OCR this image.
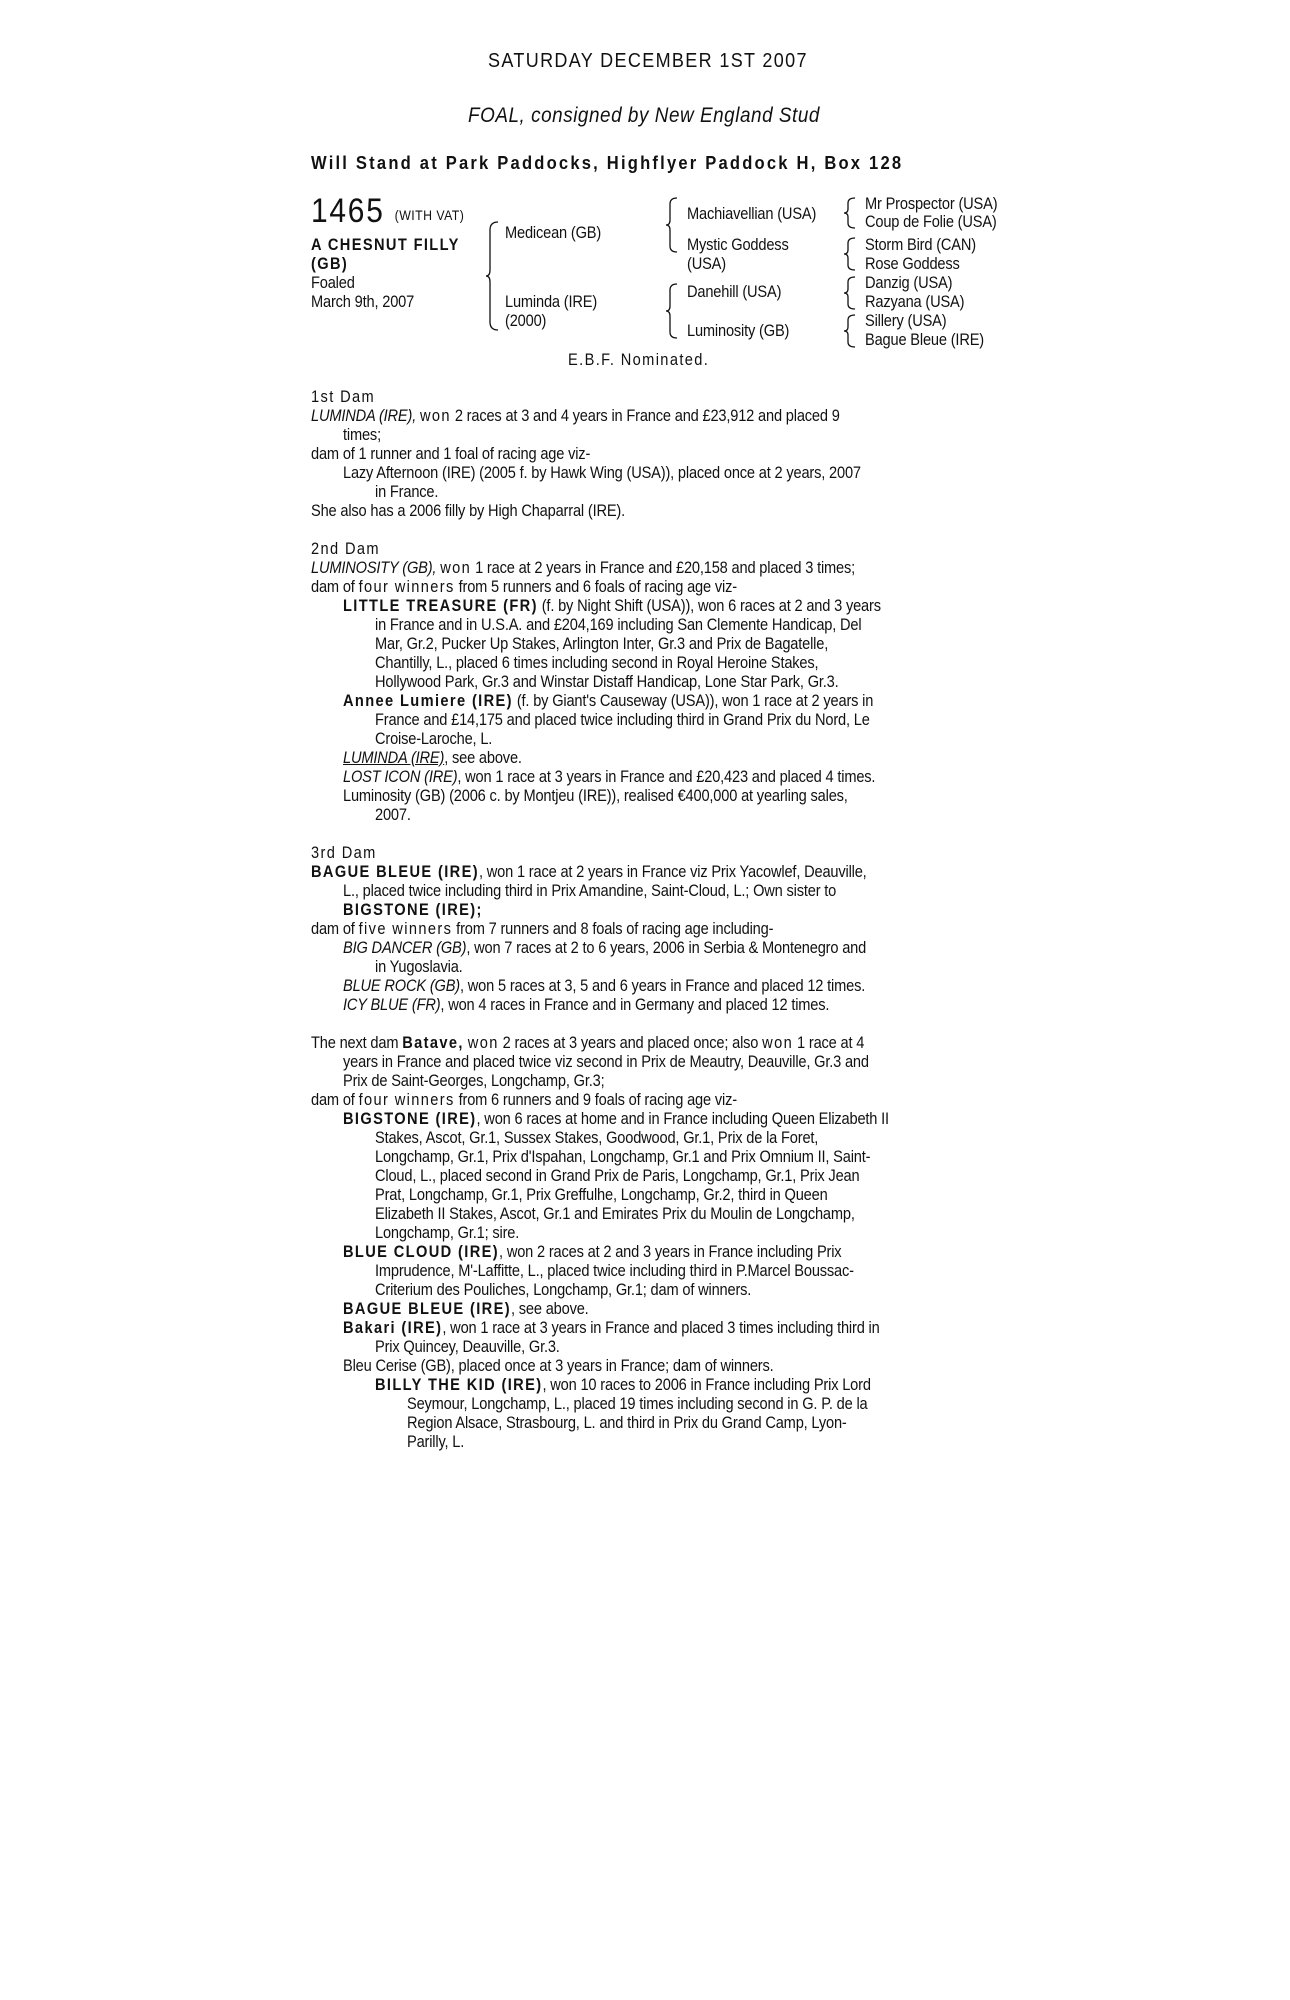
SATURDAY DECEMBER 1ST 2007
FOAL, consigned by New England Stud
Will Stand at Park Paddocks, Highflyer Paddock H, Box 128
1465 (WITH VAT)
A CHESNUT FILLY
(GB)
Foaled
March 9th, 2007
Medicean (GB)
Luminda (IRE)
(2000)
Machiavellian (USA)
Mystic Goddess
(USA)
Danehill (USA)
Luminosity (GB)
Mr Prospector (USA)
Coup de Folie (USA)
Storm Bird (CAN)
Rose Goddess
Danzig (USA)
Razyana (USA)
Sillery (USA)
Bague Bleue (IRE)
E.B.F. Nominated.
1st Dam
LUMINDA (IRE), won 2 races at 3 and 4 years in France and £23,912 and placed 9
times;
dam of 1 runner and 1 foal of racing age viz-
Lazy Afternoon (IRE) (2005 f. by Hawk Wing (USA)), placed once at 2 years, 2007
in France.
She also has a 2006 filly by High Chaparral (IRE).
2nd Dam
LUMINOSITY (GB), won 1 race at 2 years in France and £20,158 and placed 3 times;
dam of four winners from 5 runners and 6 foals of racing age viz-
LITTLE TREASURE (FR) (f. by Night Shift (USA)), won 6 races at 2 and 3 years
in France and in U.S.A. and £204,169 including San Clemente Handicap, Del
Mar, Gr.2, Pucker Up Stakes, Arlington Inter, Gr.3 and Prix de Bagatelle,
Chantilly, L., placed 6 times including second in Royal Heroine Stakes,
Hollywood Park, Gr.3 and Winstar Distaff Handicap, Lone Star Park, Gr.3.
Annee Lumiere (IRE) (f. by Giant's Causeway (USA)), won 1 race at 2 years in
France and £14,175 and placed twice including third in Grand Prix du Nord, Le
Croise-Laroche, L.
LUMINDA (IRE), see above.
LOST ICON (IRE), won 1 race at 3 years in France and £20,423 and placed 4 times.
Luminosity (GB) (2006 c. by Montjeu (IRE)), realised €400,000 at yearling sales,
2007.
3rd Dam
BAGUE BLEUE (IRE), won 1 race at 2 years in France viz Prix Yacowlef, Deauville,
L., placed twice including third in Prix Amandine, Saint-Cloud, L.; Own sister to
BIGSTONE (IRE);
dam of five winners from 7 runners and 8 foals of racing age including-
BIG DANCER (GB), won 7 races at 2 to 6 years, 2006 in Serbia & Montenegro and
in Yugoslavia.
BLUE ROCK (GB), won 5 races at 3, 5 and 6 years in France and placed 12 times.
ICY BLUE (FR), won 4 races in France and in Germany and placed 12 times.
The next dam Batave, won 2 races at 3 years and placed once; also won 1 race at 4
years in France and placed twice viz second in Prix de Meautry, Deauville, Gr.3 and
Prix de Saint-Georges, Longchamp, Gr.3;
dam of four winners from 6 runners and 9 foals of racing age viz-
BIGSTONE (IRE), won 6 races at home and in France including Queen Elizabeth II
Stakes, Ascot, Gr.1, Sussex Stakes, Goodwood, Gr.1, Prix de la Foret,
Longchamp, Gr.1, Prix d'Ispahan, Longchamp, Gr.1 and Prix Omnium II, Saint-
Cloud, L., placed second in Grand Prix de Paris, Longchamp, Gr.1, Prix Jean
Prat, Longchamp, Gr.1, Prix Greffulhe, Longchamp, Gr.2, third in Queen
Elizabeth II Stakes, Ascot, Gr.1 and Emirates Prix du Moulin de Longchamp,
Longchamp, Gr.1; sire.
BLUE CLOUD (IRE), won 2 races at 2 and 3 years in France including Prix
Imprudence, M'-Laffitte, L., placed twice including third in P.Marcel Boussac-
Criterium des Pouliches, Longchamp, Gr.1; dam of winners.
BAGUE BLEUE (IRE), see above.
Bakari (IRE), won 1 race at 3 years in France and placed 3 times including third in
Prix Quincey, Deauville, Gr.3.
Bleu Cerise (GB), placed once at 3 years in France; dam of winners.
BILLY THE KID (IRE), won 10 races to 2006 in France including Prix Lord
Seymour, Longchamp, L., placed 19 times including second in G. P. de la
Region Alsace, Strasbourg, L. and third in Prix du Grand Camp, Lyon-
Parilly, L.
